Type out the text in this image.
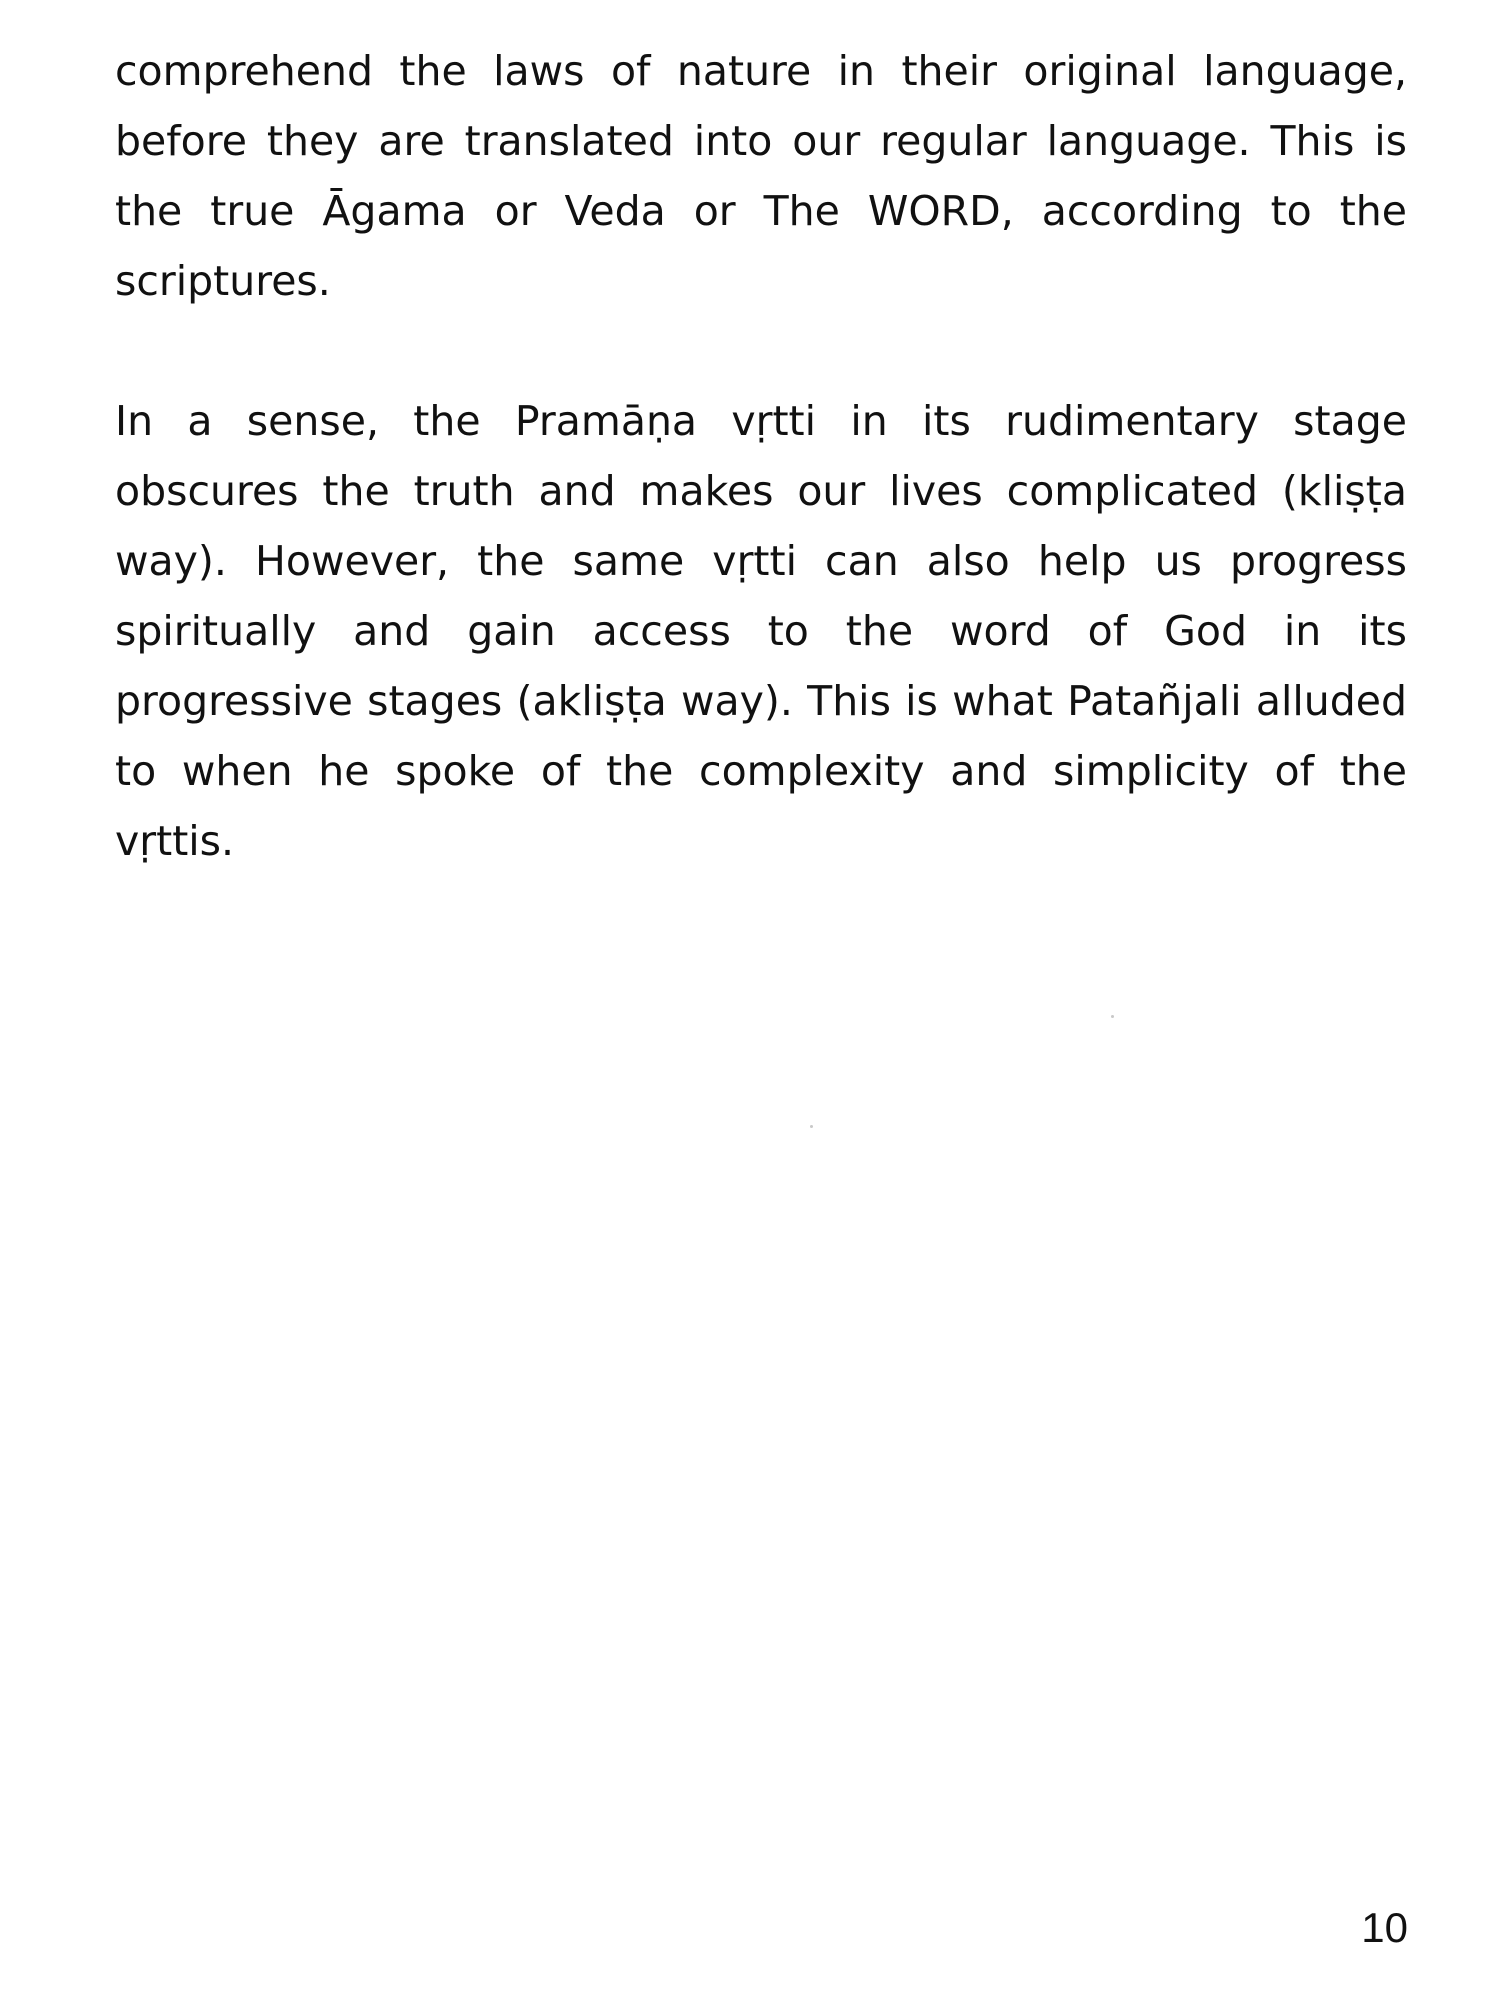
comprehend the laws of nature in their original language, before they are translated into our regular language. This is the true Āgama or Veda or The WORD, according to the scriptures.

In a sense, the Pramāṇa vṛtti in its rudimentary stage obscures the truth and makes our lives complicated (kliṣṭa way). However, the same vṛtti can also help us progress spiritually and gain access to the word of God in its progressive stages (akliṣṭa way). This is what Patañjali alluded to when he spoke of the complexity and simplicity of the vṛttis.

10
